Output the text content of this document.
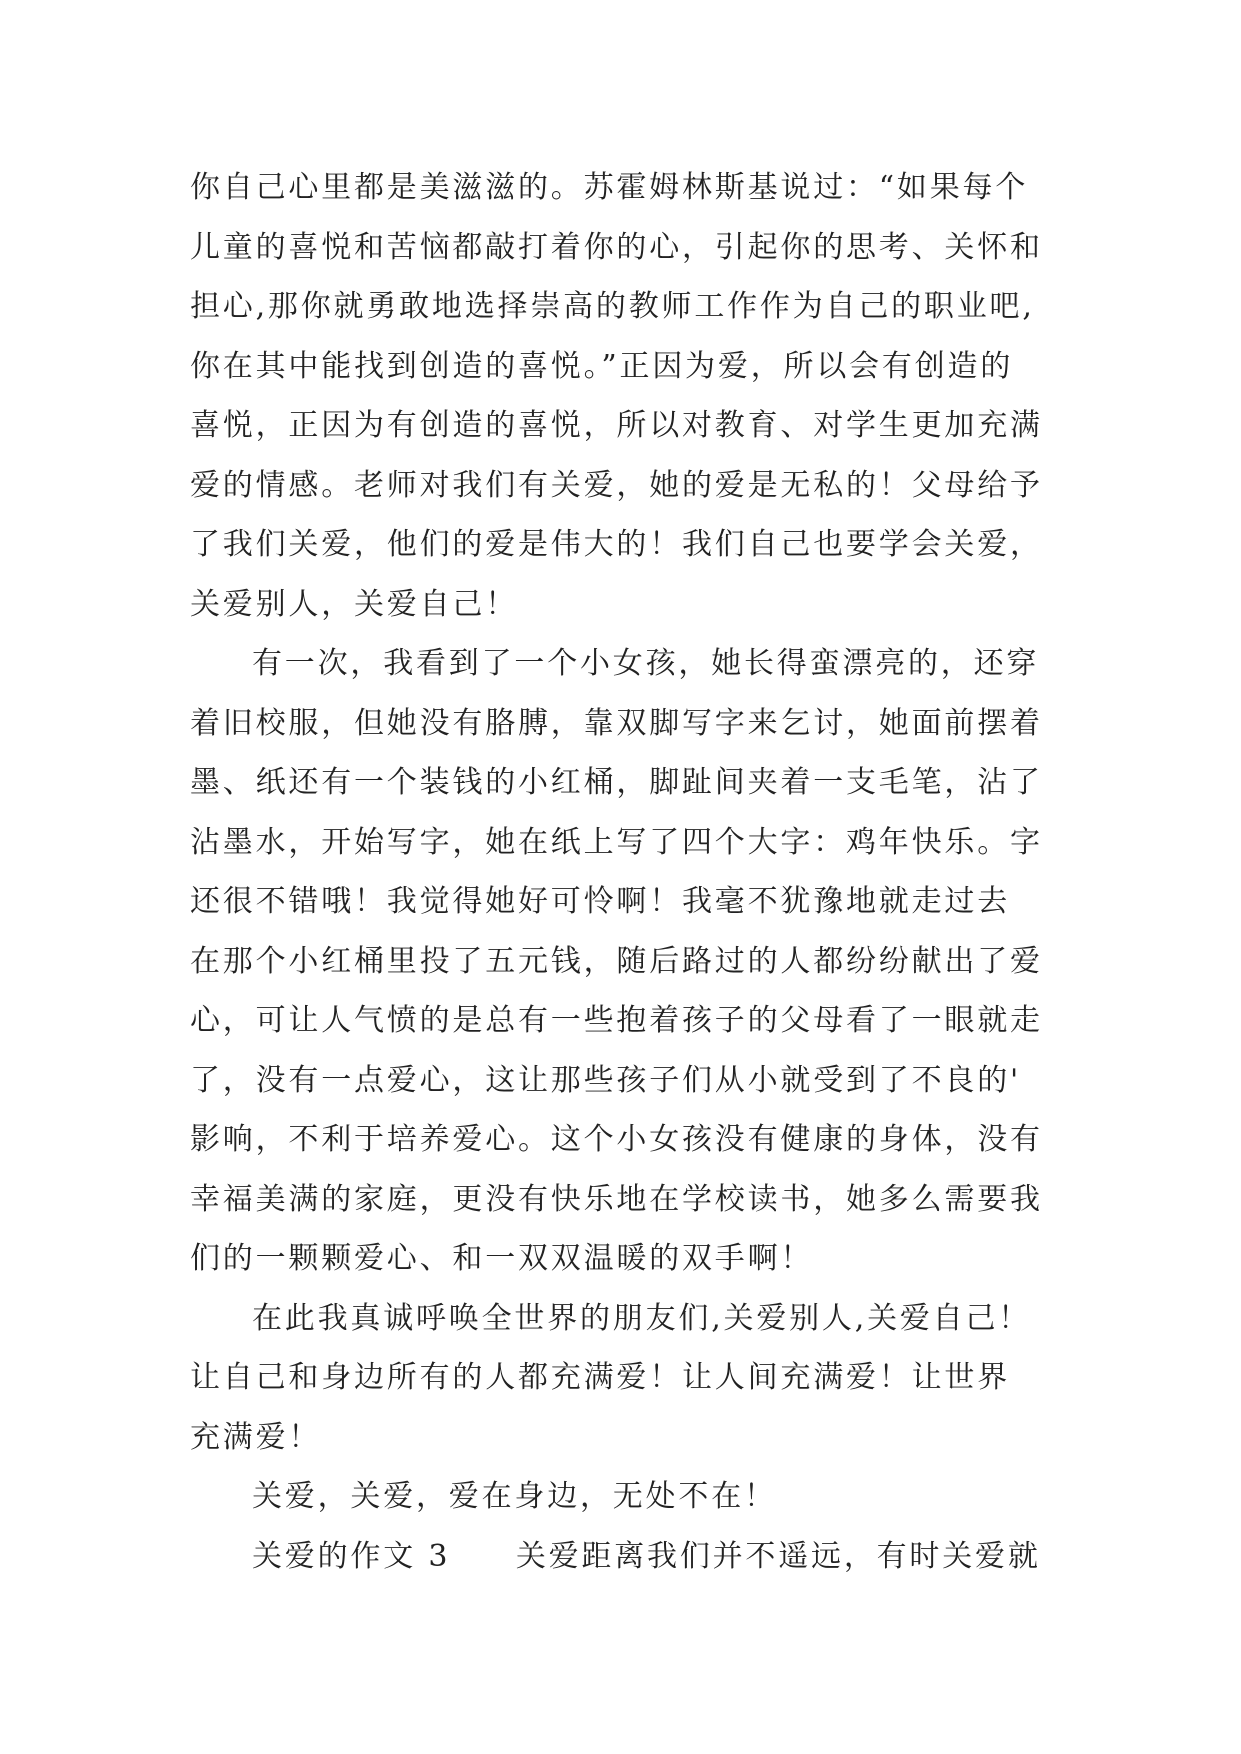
你自己心里都是美滋滋的。苏霍姆林斯基说过：“如果每个
儿童的喜悦和苦恼都敲打着你的心，引起你的思考、关怀和
担心,那你就勇敢地选择崇高的教师工作作为自己的职业吧,
你在其中能找到创造的喜悦。”正因为爱，所以会有创造的
喜悦，正因为有创造的喜悦，所以对教育、对学生更加充满
爱的情感。老师对我们有关爱，她的爱是无私的！父母给予
了我们关爱，他们的爱是伟大的！我们自己也要学会关爱，
关爱别人，关爱自己！
有一次，我看到了一个小女孩，她长得蛮漂亮的，还穿
着旧校服，但她没有胳膊，靠双脚写字来乞讨，她面前摆着
墨、纸还有一个装钱的小红桶，脚趾间夹着一支毛笔，沾了
沾墨水，开始写字，她在纸上写了四个大字：鸡年快乐。字
还很不错哦！我觉得她好可怜啊！我毫不犹豫地就走过去
在那个小红桶里投了五元钱，随后路过的人都纷纷献出了爱
心，可让人气愤的是总有一些抱着孩子的父母看了一眼就走
了，没有一点爱心，这让那些孩子们从小就受到了不良的'
影响，不利于培养爱心。这个小女孩没有健康的身体，没有
幸福美满的家庭，更没有快乐地在学校读书，她多么需要我
们的一颗颗爱心、和一双双温暖的双手啊！
在此我真诚呼唤全世界的朋友们,关爱别人,关爱自己！
让自己和身边所有的人都充满爱！让人间充满爱！让世界
充满爱！
关爱，关爱，爱在身边，无处不在！
关爱的作文 3　　关爱距离我们并不遥远，有时关爱就
